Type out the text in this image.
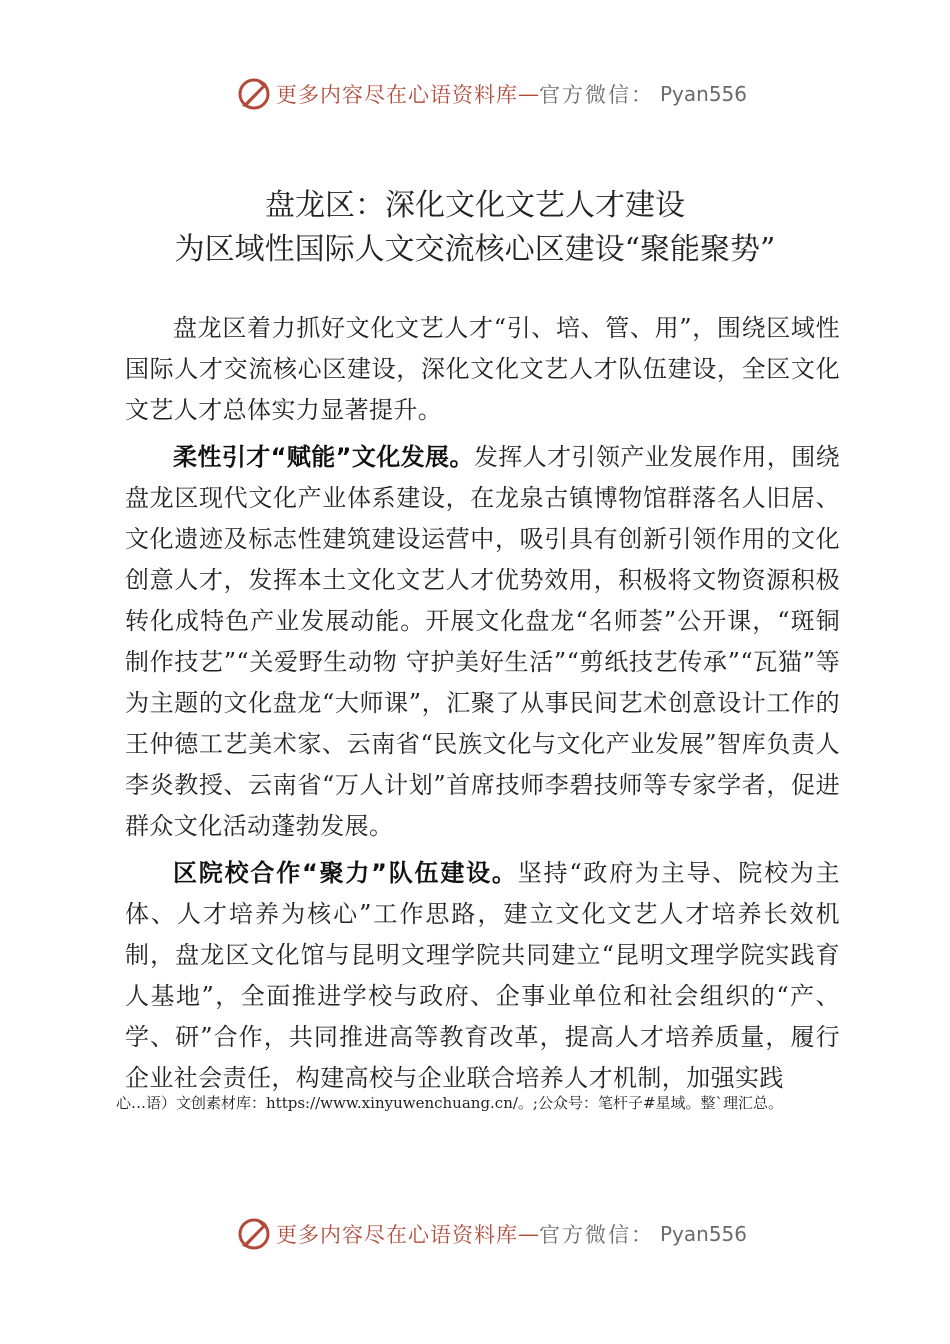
更多内容尽在心语资料库 — 官方微信： Pyan556
盘龙区：深化文化文艺人才建设
为区域性国际人文交流核心区建设“聚能聚势”

盘龙区着力抓好文化文艺人才“引、培、管、用”，围绕区域性国际人才交流核心区建设，深化文化文艺人才队伍建设，全区文化文艺人才总体实力显著提升。

柔性引才“赋能”文化发展。发挥人才引领产业发展作用，围绕盘龙区现代文化产业体系建设，在龙泉古镇博物馆群落名人旧居、文化遗迹及标志性建筑建设运营中，吸引具有创新引领作用的文化创意人才，发挥本土文化文艺人才优势效用，积极将文物资源积极转化成特色产业发展动能。开展文化盘龙“名师荟”公开课，“斑铜制作技艺”“关爱野生动物 守护美好生活”“剪纸技艺传承”“瓦猫”等为主题的文化盘龙“大师课”，汇聚了从事民间艺术创意设计工作的王仲德工艺美术家、云南省“民族文化与文化产业发展”智库负责人李炎教授、云南省“万人计划”首席技师李碧技师等专家学者，促进群众文化活动蓬勃发展。

区院校合作“聚力”队伍建设。坚持“政府为主导、院校为主体、人才培养为核心”工作思路，建立文化文艺人才培养长效机制，盘龙区文化馆与昆明文理学院共同建立“昆明文理学院实践育人基地”，全面推进学校与政府、企事业单位和社会组织的“产、学、研”合作，共同推进高等教育改革，提高人才培养质量，履行企业社会责任，构建高校与企业联合培养人才机制，加强实践

心…语）文创素材库：https://www.xinyuwenchuang.cn/。;公众号：笔杆子#星域。整`理汇总。
更多内容尽在心语资料库 — 官方微信： Pyan556
